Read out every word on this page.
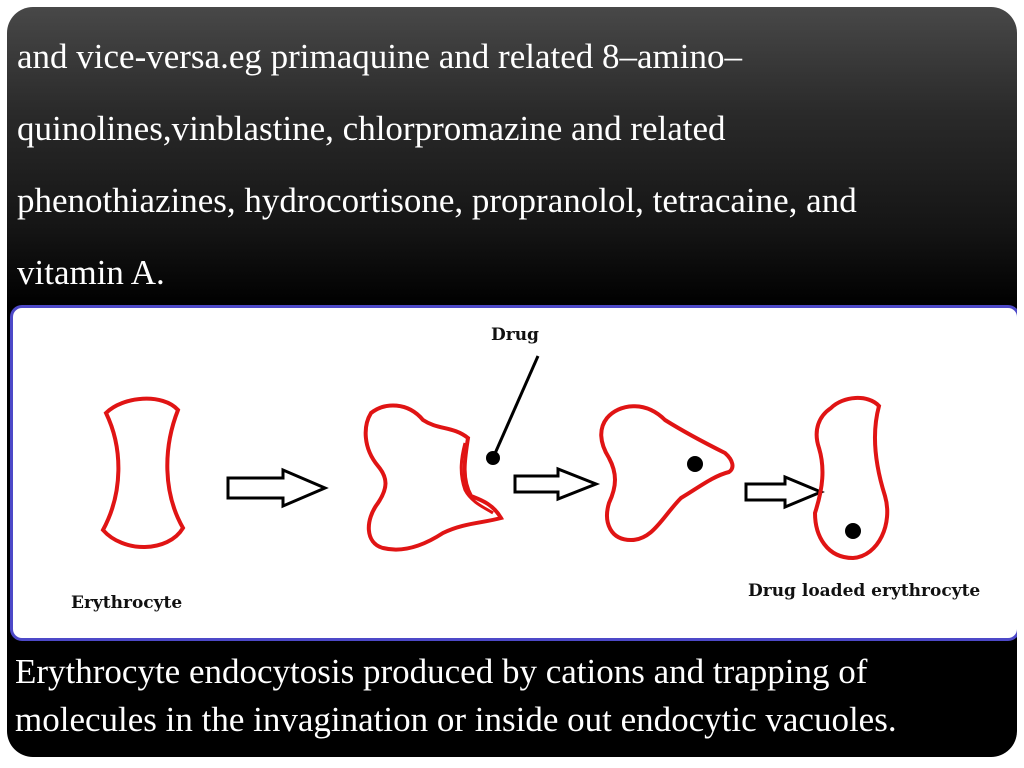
and vice-versa.eg primaquine and related 8–amino–
quinolines,vinblastine, chlorpromazine and related
phenothiazines, hydrocortisone, propranolol, tetracaine, and
vitamin A.
Drug
Erythrocyte
Drug loaded erythrocyte
Erythrocyte endocytosis produced by cations and trapping of
molecules in the invagination or inside out endocytic vacuoles.
